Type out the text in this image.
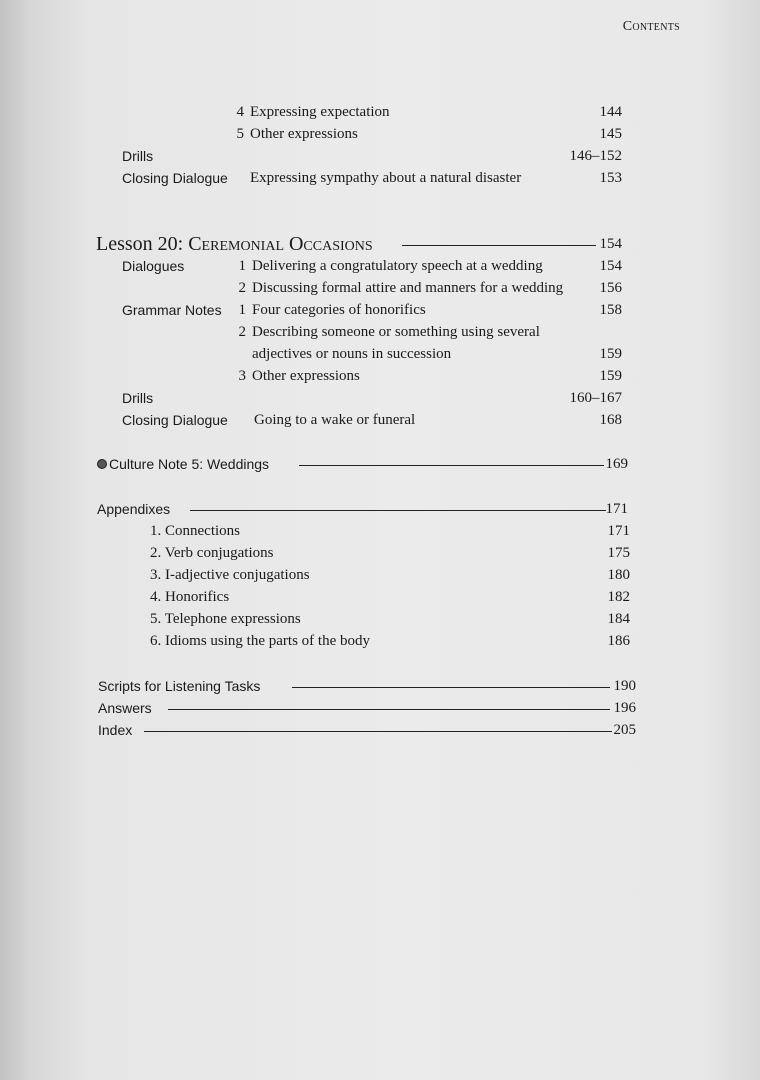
Contents
4 Expressing expectation	144
5 Other expressions	145
Drills	146–152
Closing Dialogue Expressing sympathy about a natural disaster	153
Lesson 20: Ceremonial Occasions	154
Dialogues	1 Delivering a congratulatory speech at a wedding	154
2 Discussing formal attire and manners for a wedding 156
Grammar Notes	1 Four categories of honorifics	158
2 Describing someone or something using several
adjectives or nouns in succession	159
3 Other expressions	159
Drills	160–167
Closing Dialogue Going to a wake or funeral	168
Culture Note 5: Weddings	169
Appendixes	171
1. Connections	171
2. Verb conjugations	175
3. I-adjective conjugations	180
4. Honorifics	182
5. Telephone expressions	184
6. Idioms using the parts of the body	186
Scripts for Listening Tasks	190
Answers	196
Index	205
